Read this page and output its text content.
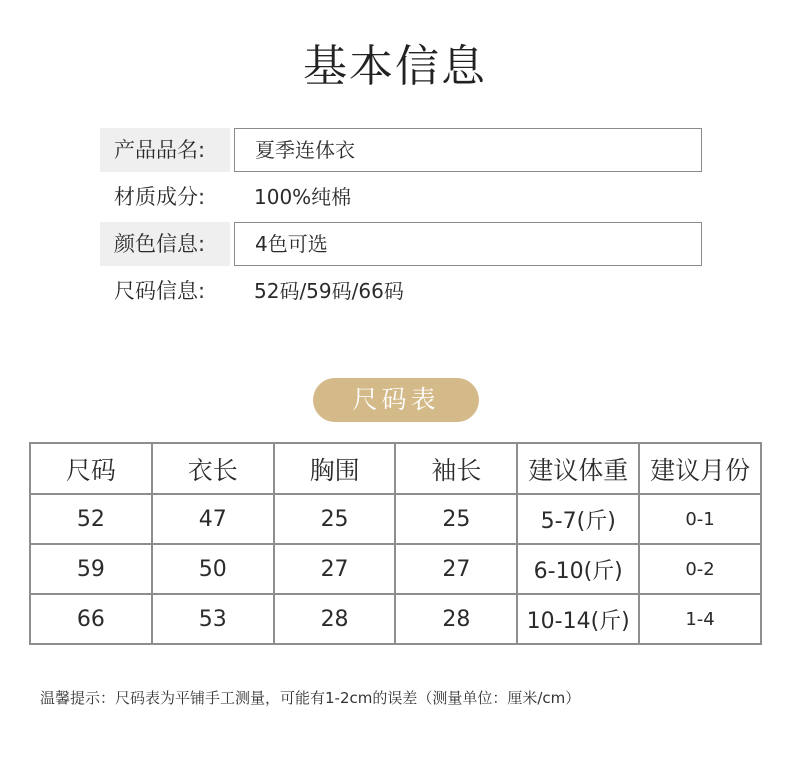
基本信息
产品品名:	夏季连体衣
材质成分:	100%纯棉
颜色信息:	4色可选
尺码信息:	52码/59码/66码
尺码表
尺码	衣长	胸围	袖长	建议体重	建议月份
52	47	25	25	5-7(斤)	0-1
59	50	27	27	6-10(斤)	0-2
66	53	28	28	10-14(斤)	1-4
温馨提示：尺码表为平铺手工测量，可能有1-2cm的误差（测量单位：厘米/cm）
